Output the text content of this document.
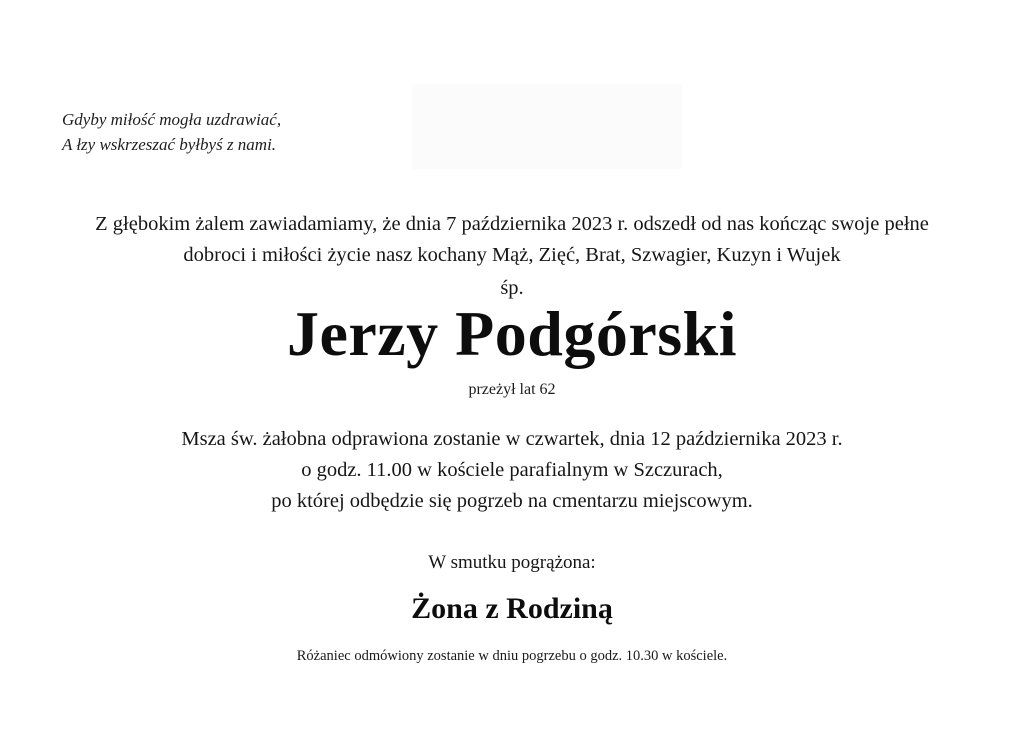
Gdyby miłość mogła uzdrawiać,
A łzy wskrzeszać byłbyś z nami.
Z głębokim żalem zawiadamiamy, że dnia 7 października 2023 r. odszedł od nas kończąc swoje pełne
dobroci i miłości życie nasz kochany Mąż, Zięć, Brat, Szwagier, Kuzyn i Wujek
śp.
Jerzy Podgórski
przeżył lat 62
Msza św. żałobna odprawiona zostanie w czwartek, dnia 12 października 2023 r.
o godz. 11.00 w kościele parafialnym w Szczurach,
po której odbędzie się pogrzeb na cmentarzu miejscowym.
W smutku pogrążona:
Żona z Rodziną
Różaniec odmówiony zostanie w dniu pogrzebu o godz. 10.30 w kościele.
